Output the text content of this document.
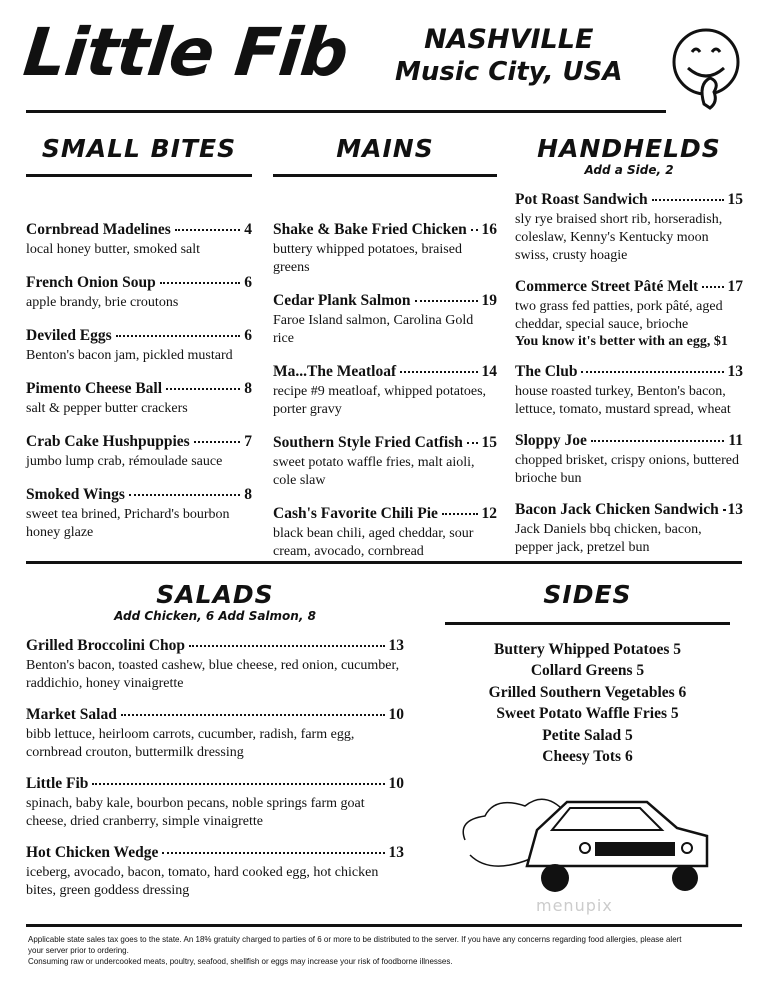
Little Fib	NASHVILLE
Music City, USA
SMALL BITES
Cornbread Madelines	4
local honey butter, smoked salt
French Onion Soup	6
apple brandy, brie croutons
Deviled Eggs	6
Benton's bacon jam, pickled mustard
Pimento Cheese Ball	8
salt & pepper butter crackers
Crab Cake Hushpuppies	7
jumbo lump crab, rémoulade sauce
Smoked Wings	8
sweet tea brined, Prichard's bourbon honey glaze
MAINS
Shake & Bake Fried Chicken 16
buttery whipped potatoes, braised greens
Cedar Plank Salmon	19
Faroe Island salmon, Carolina Gold rice
Ma...The Meatloaf	14
recipe #9 meatloaf, whipped potatoes, porter gravy
Southern Style Fried Catfish 15
sweet potato waffle fries, malt aioli, cole slaw
Cash's Favorite Chili Pie	12
black bean chili, aged cheddar, sour cream, avocado, cornbread
HANDHELDS
Add a Side, 2
Pot Roast Sandwich	15
sly rye braised short rib, horseradish, coleslaw, Kenny's Kentucky moon swiss, crusty hoagie
Commerce Street Pâté Melt 17
two grass fed patties, pork pâté, aged cheddar, special sauce, brioche
You know it's better with an egg, $1
The Club	13
house roasted turkey, Benton's bacon, lettuce, tomato, mustard spread, wheat
Sloppy Joe	11
chopped brisket, crispy onions, buttered brioche bun
Bacon Jack Chicken Sandwich 13
Jack Daniels bbq chicken, bacon, pepper jack, pretzel bun
SALADS
Add Chicken, 6 Add Salmon, 8
Grilled Broccolini Chop	13
Benton's bacon, toasted cashew, blue cheese, red onion, cucumber, raddichio, honey vinaigrette
Market Salad	10
bibb lettuce, heirloom carrots, cucumber, radish, farm egg, cornbread crouton, buttermilk dressing
Little Fib	10
spinach, baby kale, bourbon pecans, noble springs farm goat cheese, dried cranberry, simple vinaigrette
Hot Chicken Wedge	13
iceberg, avocado, bacon, tomato, hard cooked egg, hot chicken bites, green goddess dressing
SIDES
Buttery Whipped Potatoes 5
Collard Greens 5
Grilled Southern Vegetables 6
Sweet Potato Waffle Fries 5
Petite Salad 5
Cheesy Tots 6
menupix
Applicable state sales tax goes to the state. An 18% gratuity charged to parties of 6 or more to be distributed to the server. If you have any concerns regarding food allergies, please alert your server prior to ordering.
Consuming raw or undercooked meats, poultry, seafood, shellfish or eggs may increase your risk of foodborne illnesses.
